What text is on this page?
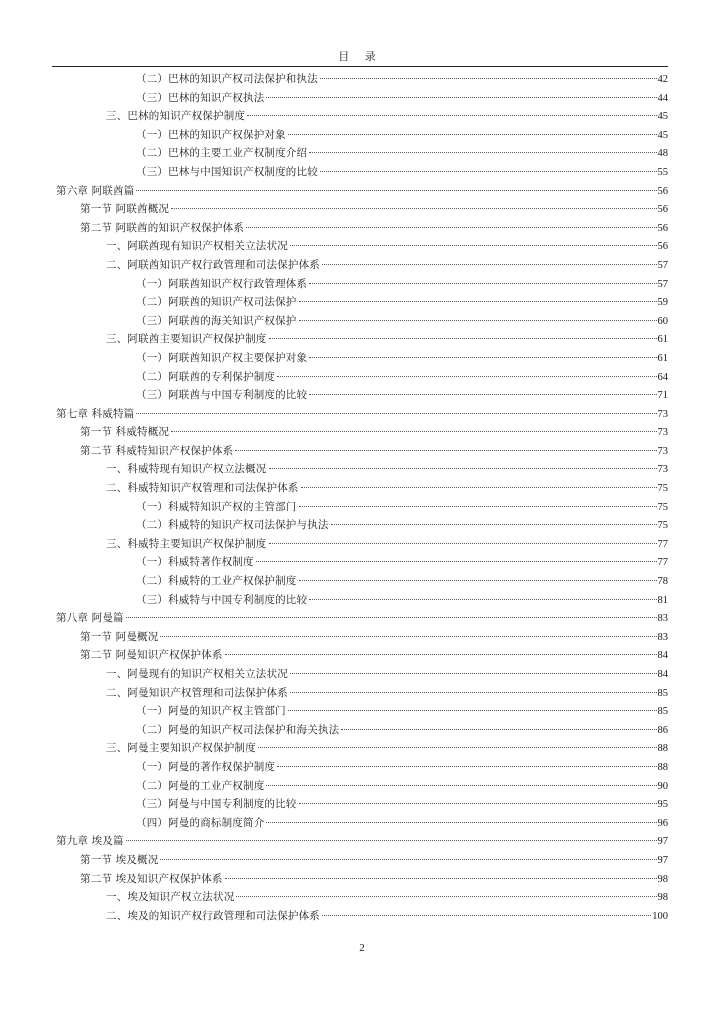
目 录
（二）巴林的知识产权司法保护和执法	42
（三）巴林的知识产权执法	44
三、巴林的知识产权保护制度	45
（一）巴林的知识产权保护对象	45
（二）巴林的主要工业产权制度介绍	48
（三）巴林与中国知识产权制度的比较	55
第六章 阿联酋篇	56
第一节 阿联酋概况	56
第二节 阿联酋的知识产权保护体系	56
一、阿联酋现有知识产权相关立法状况	56
二、阿联酋知识产权行政管理和司法保护体系	57
（一）阿联酋知识产权行政管理体系	57
（二）阿联酋的知识产权司法保护	59
（三）阿联酋的海关知识产权保护	60
三、阿联酋主要知识产权保护制度	61
（一）阿联酋知识产权主要保护对象	61
（二）阿联酋的专利保护制度	64
（三）阿联酋与中国专利制度的比较	71
第七章 科威特篇	73
第一节 科威特概况	73
第二节 科威特知识产权保护体系	73
一、科威特现有知识产权立法概况	73
二、科威特知识产权管理和司法保护体系	75
（一）科威特知识产权的主管部门	75
（二）科威特的知识产权司法保护与执法	75
三、科威特主要知识产权保护制度	77
（一）科威特著作权制度	77
（二）科威特的工业产权保护制度	78
（三）科威特与中国专利制度的比较	81
第八章 阿曼篇	83
第一节 阿曼概况	83
第二节 阿曼知识产权保护体系	84
一、阿曼现有的知识产权相关立法状况	84
二、阿曼知识产权管理和司法保护体系	85
（一）阿曼的知识产权主管部门	85
（二）阿曼的知识产权司法保护和海关执法	86
三、阿曼主要知识产权保护制度	88
（一）阿曼的著作权保护制度	88
（二）阿曼的工业产权制度	90
（三）阿曼与中国专利制度的比较	95
（四）阿曼的商标制度简介	96
第九章 埃及篇	97
第一节 埃及概况	97
第二节 埃及知识产权保护体系	98
一、埃及知识产权立法状况	98
二、埃及的知识产权行政管理和司法保护体系	100
2
